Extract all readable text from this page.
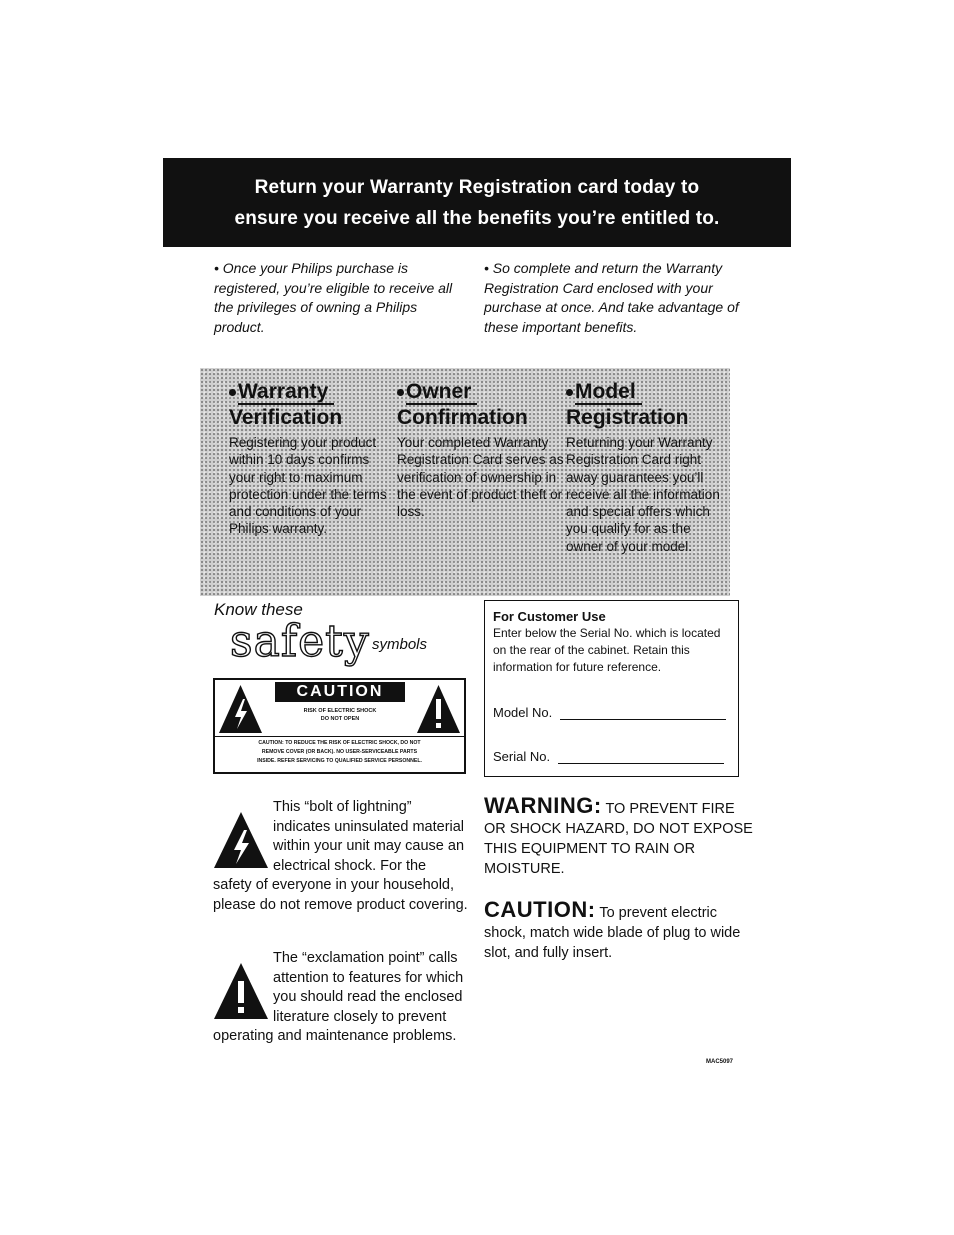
Return your Warranty Registration card today to
ensure you receive all the benefits you’re entitled to.
• Once your Philips purchase is registered, you’re eligible to receive all the privileges of owning a Philips product.
• So complete and return the Warranty Registration Card enclosed with your purchase at once. And take advantage of these important benefits.
Warranty
Verification
Registering your product within 10 days confirms your right to maximum protection under the terms and conditions of your Philips warranty.
Owner
Confirmation
Your completed Warranty Registration Card serves as verification of ownership in the event of product theft or loss.
Model
Registration
Returning your Warranty Registration Card right away guarantees you’ll receive all the information and special offers which you qualify for as the owner of your model.
Know these
safety symbols
CAUTION
RISK OF ELECTRIC SHOCK
DO NOT OPEN
CAUTION: TO REDUCE THE RISK OF ELECTRIC SHOCK, DO NOT
REMOVE COVER (OR BACK). NO USER-SERVICEABLE PARTS
INSIDE. REFER SERVICING TO QUALIFIED SERVICE PERSONNEL.
For Customer Use
Enter below the Serial No. which is located on the rear of the cabinet. Retain this information for future reference.
Model No.
Serial No.
This “bolt of lightning” indicates uninsulated material within your unit may cause an electrical shock. For the safety of everyone in your household, please do not remove product covering.
The “exclamation point” calls attention to features for which you should read the enclosed literature closely to prevent operating and maintenance problems.
WARNING: TO PREVENT FIRE OR SHOCK HAZARD, DO NOT EXPOSE THIS EQUIPMENT TO RAIN OR MOISTURE.
CAUTION: To prevent electric shock, match wide blade of plug to wide slot, and fully insert.
MAC5097
